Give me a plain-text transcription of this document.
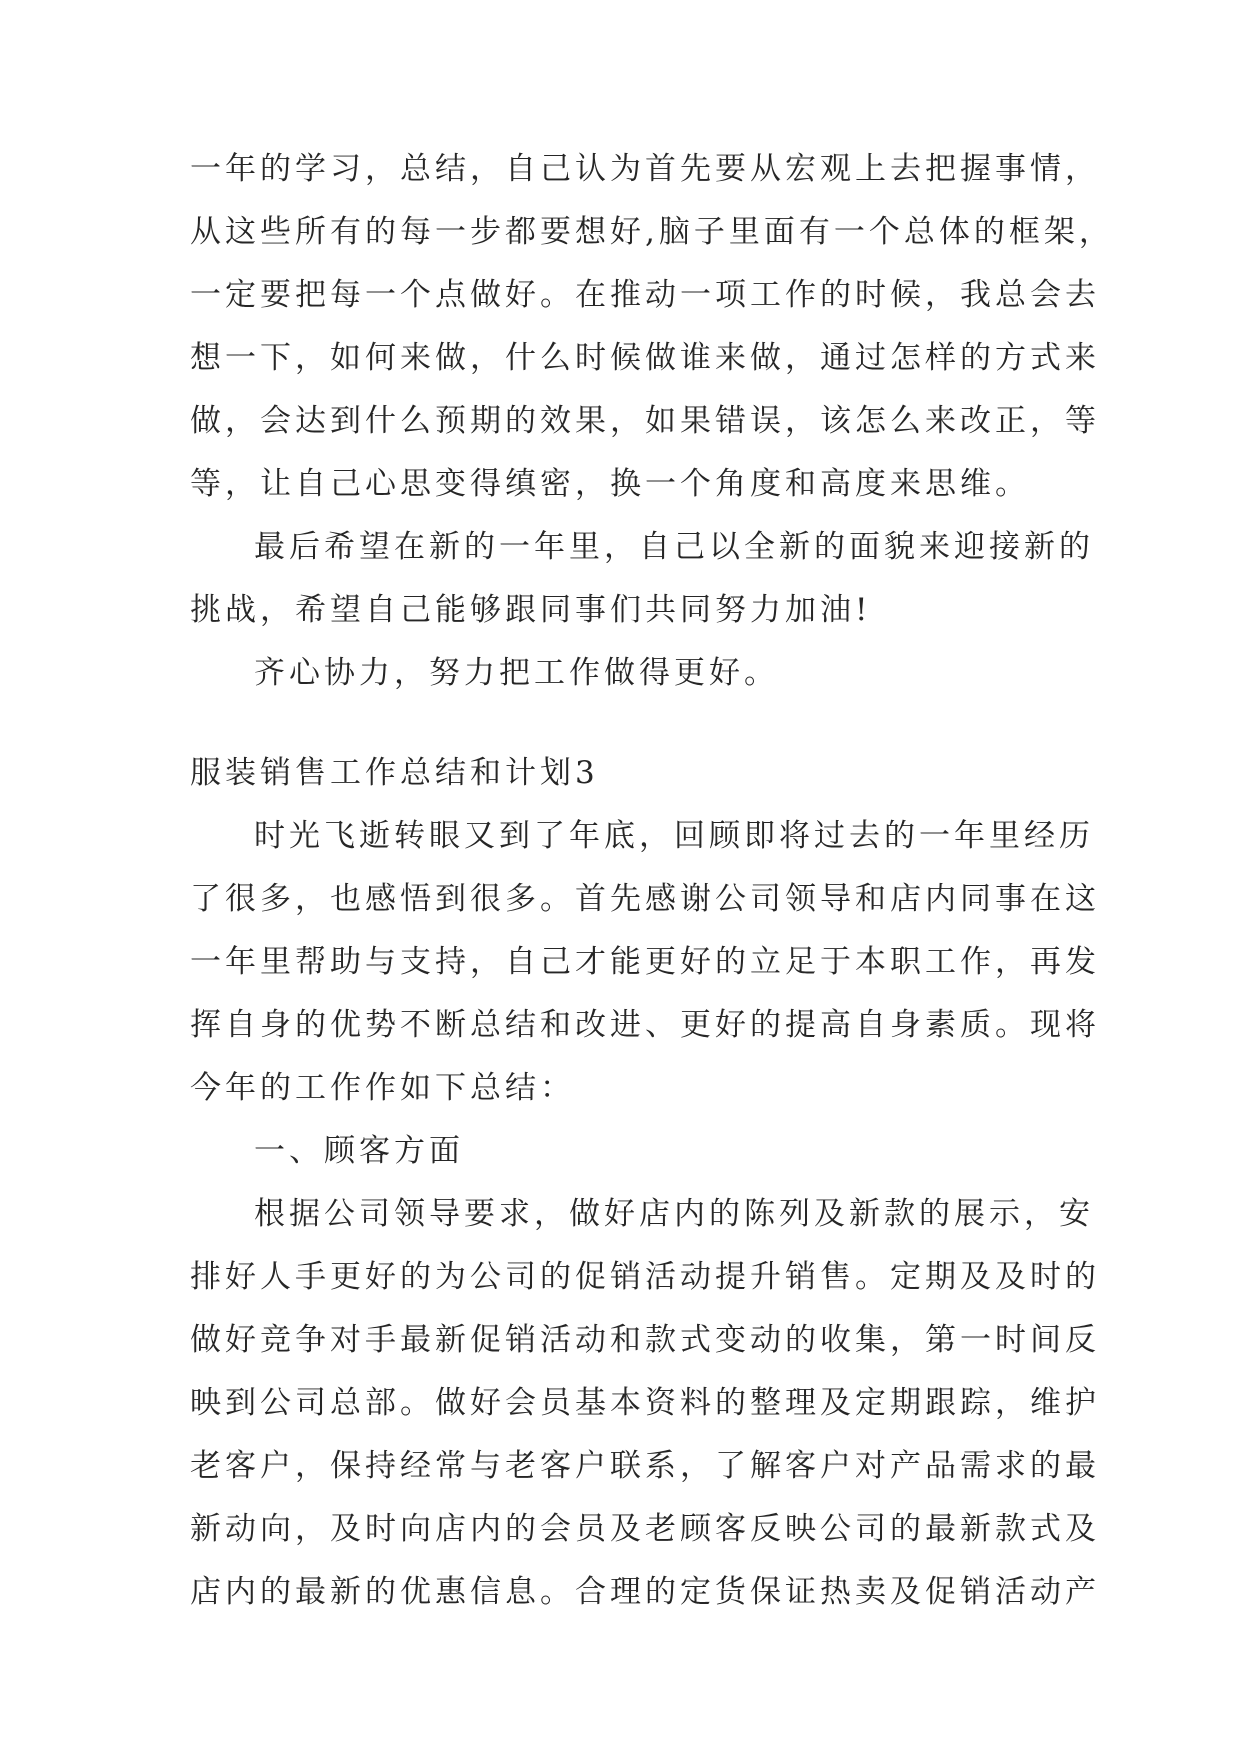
一年的学习，总结，自己认为首先要从宏观上去把握事情，
从这些所有的每一步都要想好,脑子里面有一个总体的框架，
一定要把每一个点做好。在推动一项工作的时候，我总会去
想一下，如何来做，什么时候做谁来做，通过怎样的方式来
做，会达到什么预期的效果，如果错误，该怎么来改正，等
等，让自己心思变得缜密，换一个角度和高度来思维。
最后希望在新的一年里，自己以全新的面貌来迎接新的
挑战，希望自己能够跟同事们共同努力加油!
齐心协力，努力把工作做得更好。
服装销售工作总结和计划3
时光飞逝转眼又到了年底，回顾即将过去的一年里经历
了很多，也感悟到很多。首先感谢公司领导和店内同事在这
一年里帮助与支持，自己才能更好的立足于本职工作，再发
挥自身的优势不断总结和改进、更好的提高自身素质。现将
今年的工作作如下总结：
一、顾客方面
根据公司领导要求，做好店内的陈列及新款的展示，安
排好人手更好的为公司的促销活动提升销售。定期及及时的
做好竞争对手最新促销活动和款式变动的收集，第一时间反
映到公司总部。做好会员基本资料的整理及定期跟踪，维护
老客户，保持经常与老客户联系，了解客户对产品需求的最
新动向，及时向店内的会员及老顾客反映公司的最新款式及
店内的最新的优惠信息。合理的定货保证热卖及促销活动产
